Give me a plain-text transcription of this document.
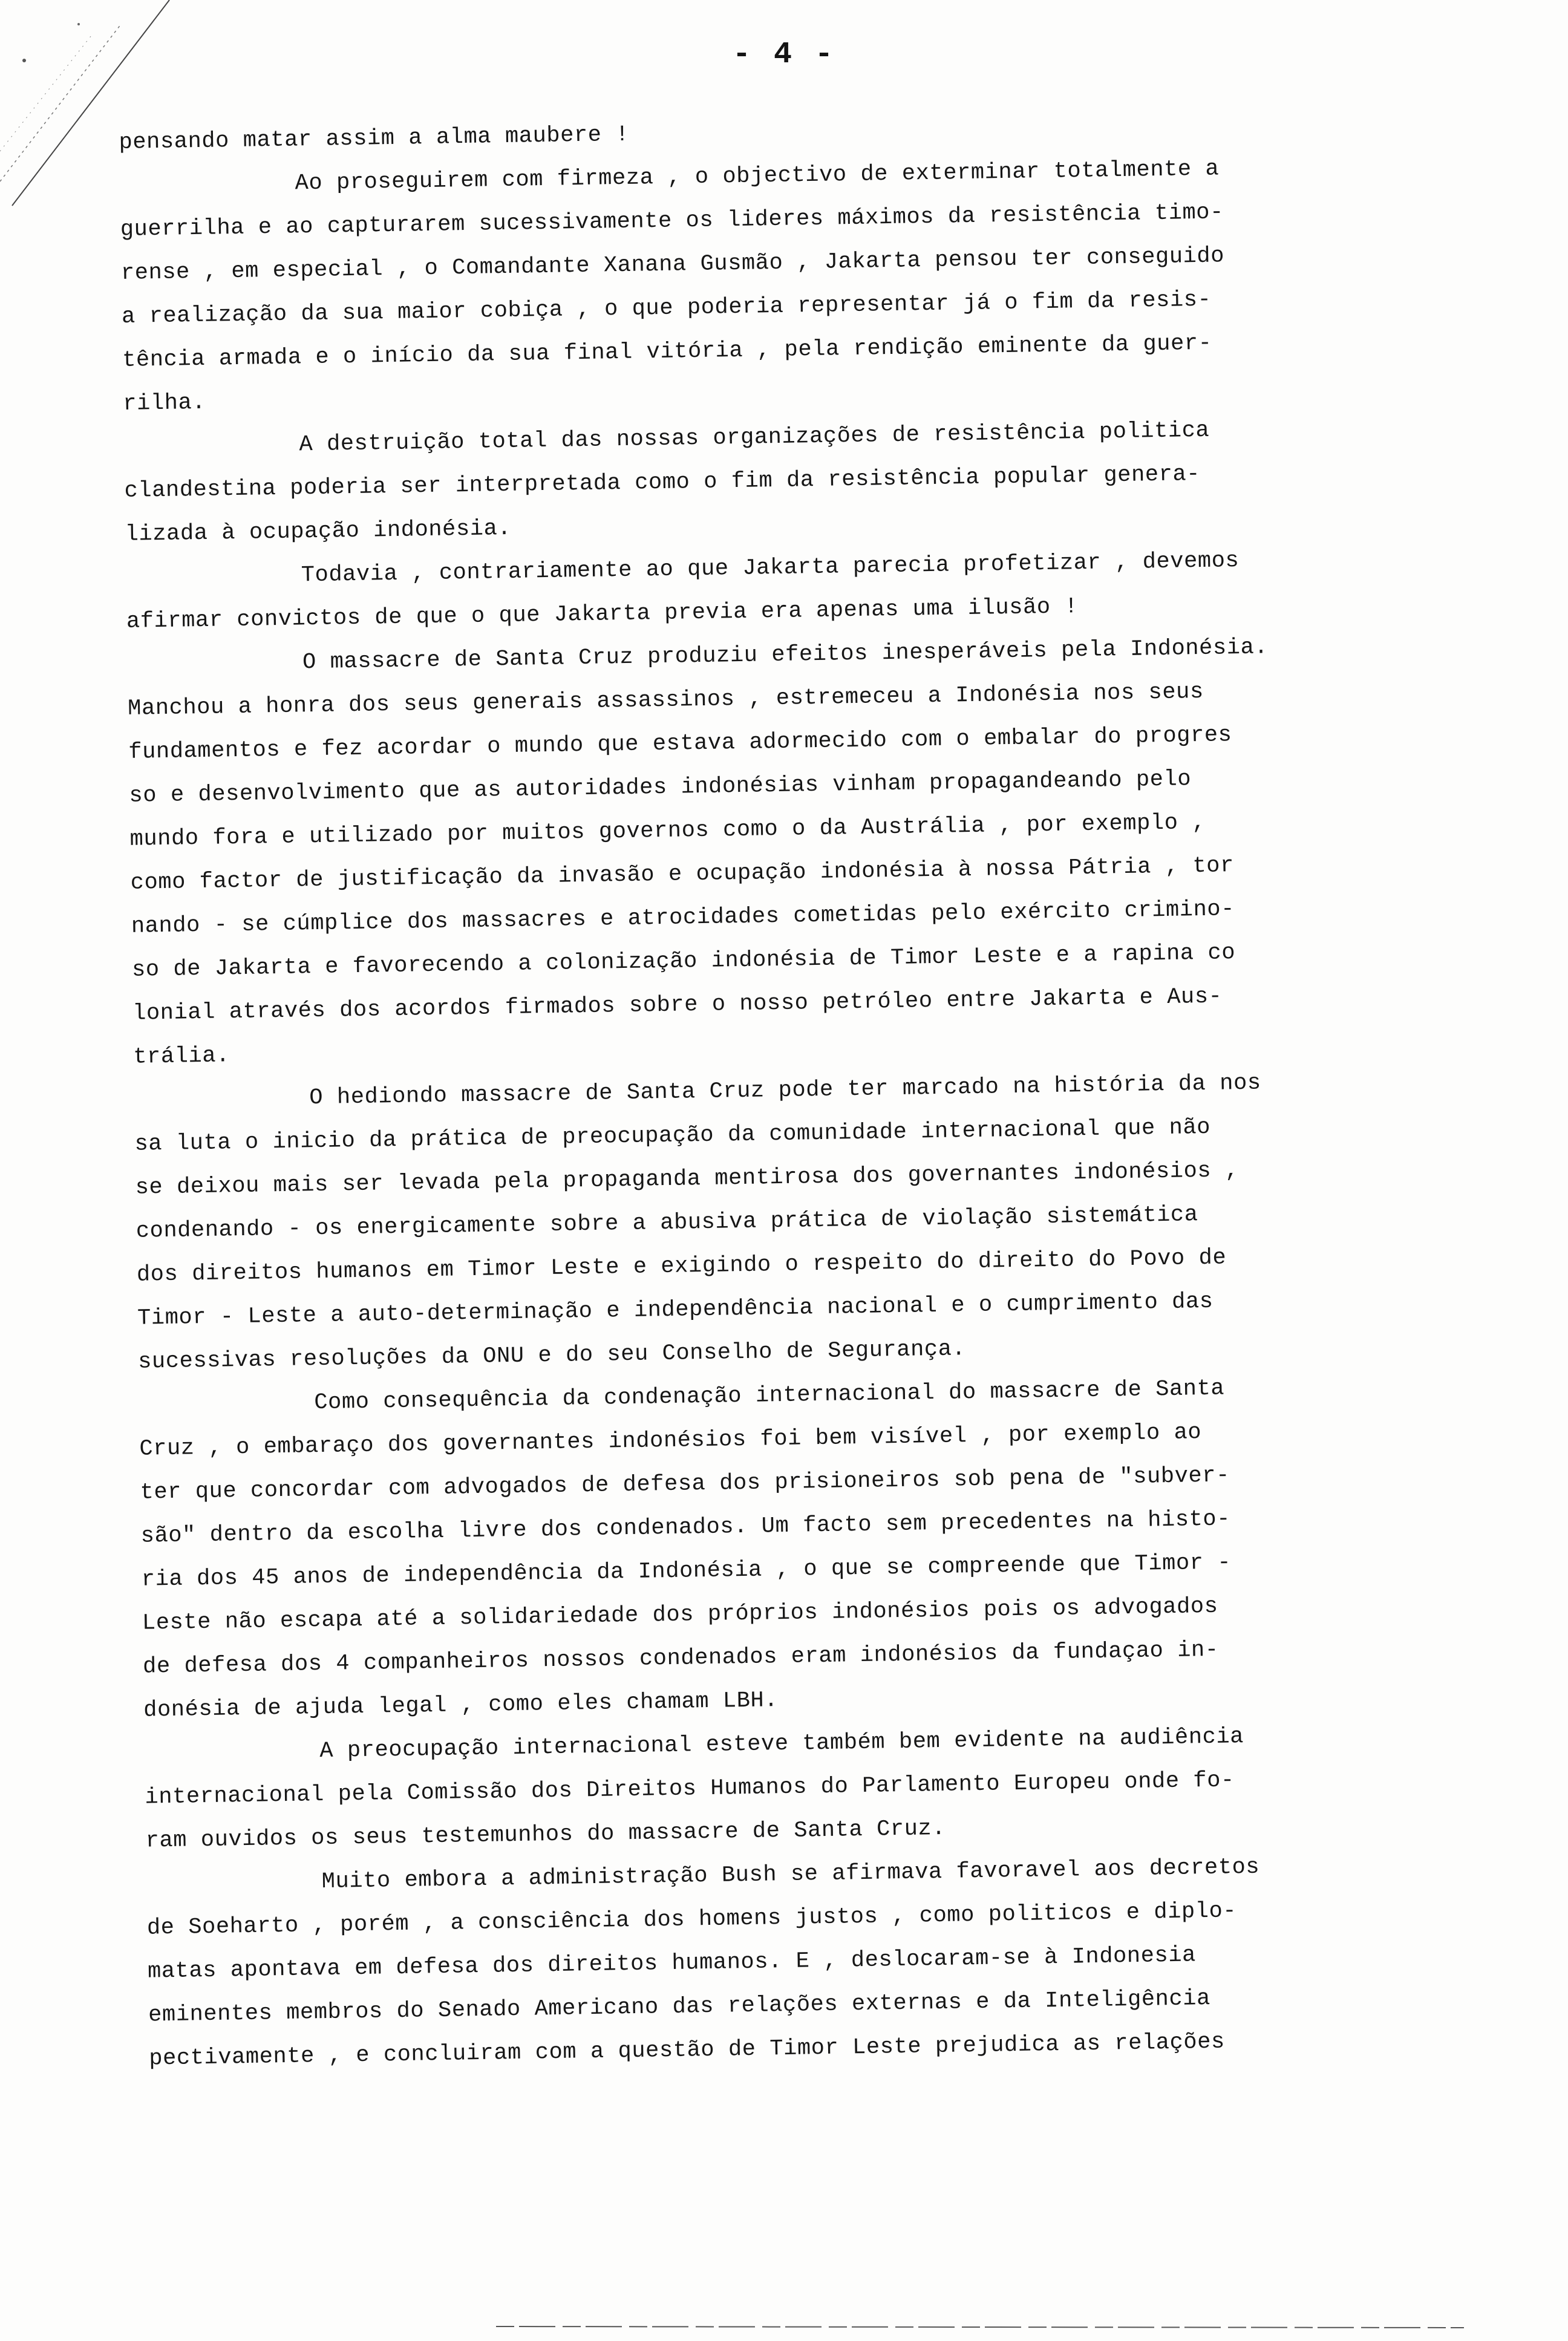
- 4 -
pensando matar assim a alma maubere !
Ao proseguirem com firmeza , o objectivo de exterminar totalmente a
guerrilha e ao capturarem sucessivamente os lideres máximos da resistência timo-
rense , em especial , o Comandante Xanana Gusmão , Jakarta pensou ter conseguido
a realização da sua maior cobiça , o que poderia representar já o fim da resis-
tência armada e o início da sua final vitória , pela rendição eminente da guer-
rilha.
A destruição total das nossas organizações de resistência politica
clandestina poderia ser interpretada como o fim da resistência popular genera-
lizada à ocupação indonésia.
Todavia , contrariamente ao que Jakarta parecia profetizar , devemos
afirmar convictos de que o que Jakarta previa era apenas uma ilusão !
O massacre de Santa Cruz produziu efeitos inesperáveis pela Indonésia.
Manchou a honra dos seus generais assassinos , estremeceu a Indonésia nos seus
fundamentos e fez acordar o mundo que estava adormecido com o embalar do progres
so e desenvolvimento que as autoridades indonésias vinham propagandeando pelo
mundo fora e utilizado por muitos governos como o da Austrália , por exemplo ,
como factor de justificação da invasão e ocupação indonésia à nossa Pátria , tor
nando - se cúmplice dos massacres e atrocidades cometidas pelo exército crimino-
so de Jakarta e favorecendo a colonização indonésia de Timor Leste e a rapina co
lonial através dos acordos firmados sobre o nosso petróleo entre Jakarta e Aus-
trália.
O hediondo massacre de Santa Cruz pode ter marcado na história da nos
sa luta o inicio da prática de preocupação da comunidade internacional que não
se deixou mais ser levada pela propaganda mentirosa dos governantes indonésios ,
condenando - os energicamente sobre a abusiva prática de violação sistemática
dos direitos humanos em Timor Leste e exigindo o respeito do direito do Povo de
Timor - Leste a auto-determinação e independência nacional e o cumprimento das
sucessivas resoluções da ONU e do seu Conselho de Segurança.
Como consequência da condenação internacional do massacre de Santa
Cruz , o embaraço dos governantes indonésios foi bem visível , por exemplo ao
ter que concordar com advogados de defesa dos prisioneiros sob pena de "subver-
são" dentro da escolha livre dos condenados. Um facto sem precedentes na histo-
ria dos 45 anos de independência da Indonésia , o que se compreende que Timor -
Leste não escapa até a solidariedade dos próprios indonésios pois os advogados
de defesa dos 4 companheiros nossos condenados eram indonésios da fundaçao in-
donésia de ajuda legal , como eles chamam LBH.
A preocupação internacional esteve também bem evidente na audiência
internacional pela Comissão dos Direitos Humanos do Parlamento Europeu onde fo-
ram ouvidos os seus testemunhos do massacre de Santa Cruz.
Muito embora a administração Bush se afirmava favoravel aos decretos
de Soeharto , porém , a consciência dos homens justos , como politicos e diplo-
matas apontava em defesa dos direitos humanos. E , deslocaram-se à Indonesia
eminentes membros do Senado Americano das relações externas e da Inteligência
pectivamente , e concluiram com a questão de Timor Leste prejudica as relações
